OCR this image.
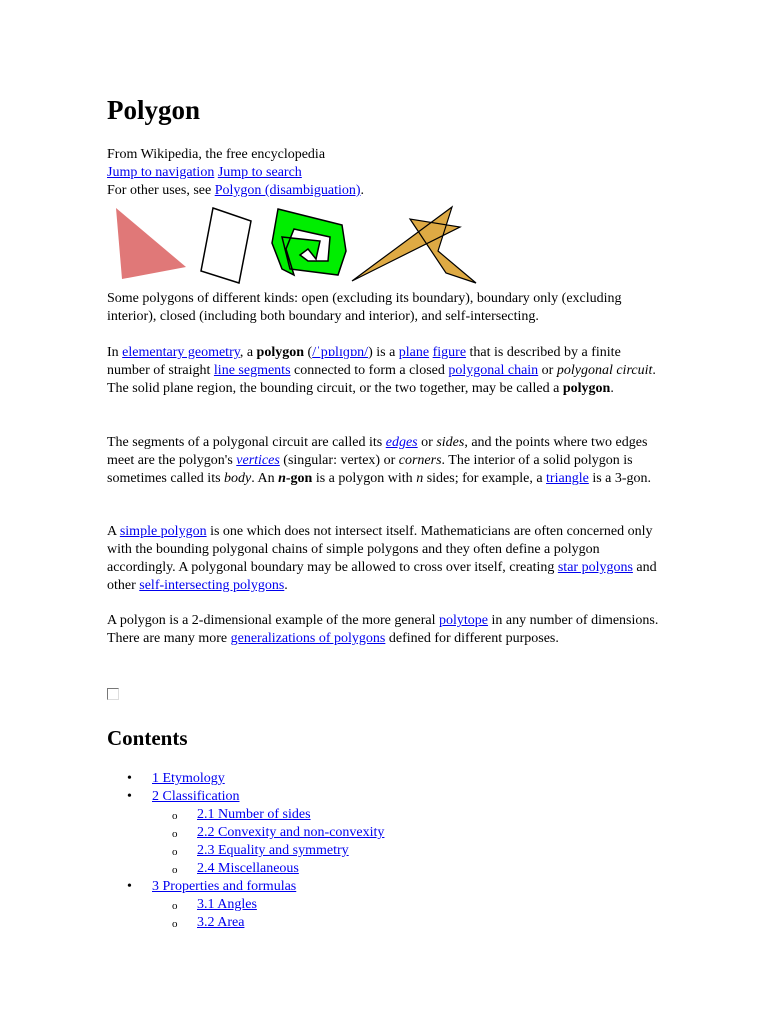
Polygon
From Wikipedia, the free encyclopedia
Jump to navigation Jump to search
For other uses, see Polygon (disambiguation).

Some polygons of different kinds: open (excluding its boundary), boundary only (excluding interior), closed (including both boundary and interior), and self-intersecting.

In elementary geometry, a polygon (/ˈpɒlɪɡɒn/) is a plane figure that is described by a finite number of straight line segments connected to form a closed polygonal chain or polygonal circuit. The solid plane region, the bounding circuit, or the two together, may be called a polygon.

The segments of a polygonal circuit are called its edges or sides, and the points where two edges meet are the polygon's vertices (singular: vertex) or corners. The interior of a solid polygon is sometimes called its body. An n-gon is a polygon with n sides; for example, a triangle is a 3-gon.

A simple polygon is one which does not intersect itself. Mathematicians are often concerned only with the bounding polygonal chains of simple polygons and they often define a polygon accordingly. A polygonal boundary may be allowed to cross over itself, creating star polygons and other self-intersecting polygons.

A polygon is a 2-dimensional example of the more general polytope in any number of dimensions. There are many more generalizations of polygons defined for different purposes.

Contents
• 1 Etymology
• 2 Classification
o 2.1 Number of sides
o 2.2 Convexity and non-convexity
o 2.3 Equality and symmetry
o 2.4 Miscellaneous
• 3 Properties and formulas
o 3.1 Angles
o 3.2 Area
